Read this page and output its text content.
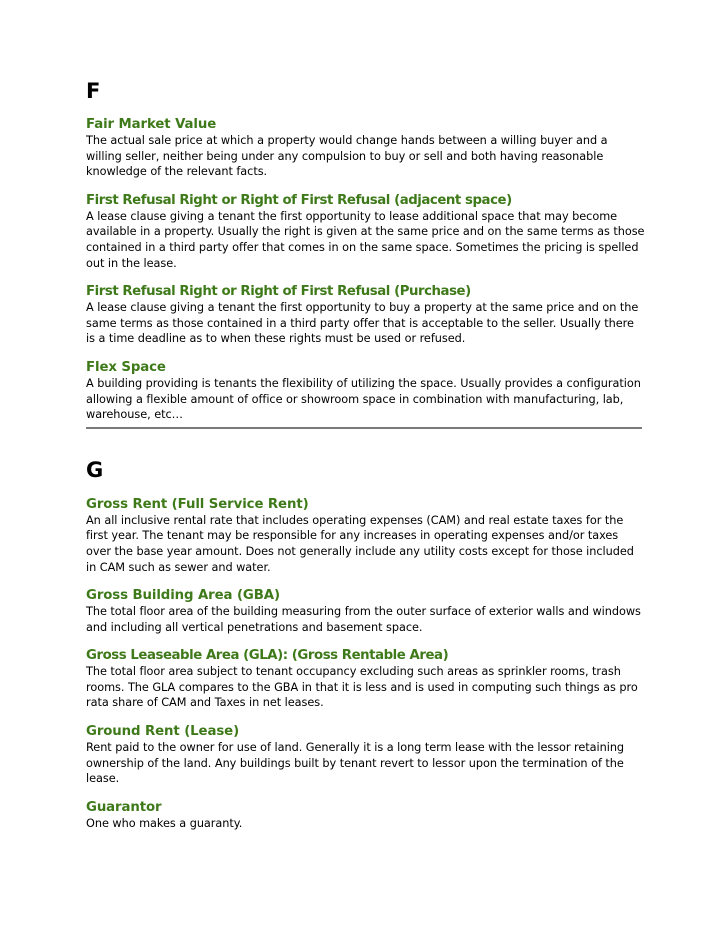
F
Fair Market Value
The actual sale price at which a property would change hands between a willing buyer and a willing seller, neither being under any compulsion to buy or sell and both having reasonable knowledge of the relevant facts.
First Refusal Right or Right of First Refusal (adjacent space)
A lease clause giving a tenant the first opportunity to lease additional space that may become available in a property. Usually the right is given at the same price and on the same terms as those contained in a third party offer that comes in on the same space. Sometimes the pricing is spelled out in the lease.
First Refusal Right or Right of First Refusal (Purchase)
A lease clause giving a tenant the first opportunity to buy a property at the same price and on the same terms as those contained in a third party offer that is acceptable to the seller. Usually there is a time deadline as to when these rights must be used or refused.
Flex Space
A building providing is tenants the flexibility of utilizing the space. Usually provides a configuration allowing a flexible amount of office or showroom space in combination with manufacturing, lab, warehouse, etc…
G
Gross Rent (Full Service Rent)
An all inclusive rental rate that includes operating expenses (CAM) and real estate taxes for the first year. The tenant may be responsible for any increases in operating expenses and/or taxes over the base year amount. Does not generally include any utility costs except for those included in CAM such as sewer and water.
Gross Building Area (GBA)
The total floor area of the building measuring from the outer surface of exterior walls and windows and including all vertical penetrations and basement space.
Gross Leaseable Area (GLA): (Gross Rentable Area)
The total floor area subject to tenant occupancy excluding such areas as sprinkler rooms, trash rooms. The GLA compares to the GBA in that it is less and is used in computing such things as pro rata share of CAM and Taxes in net leases.
Ground Rent (Lease)
Rent paid to the owner for use of land. Generally it is a long term lease with the lessor retaining ownership of the land. Any buildings built by tenant revert to lessor upon the termination of the lease.
Guarantor
One who makes a guaranty.
